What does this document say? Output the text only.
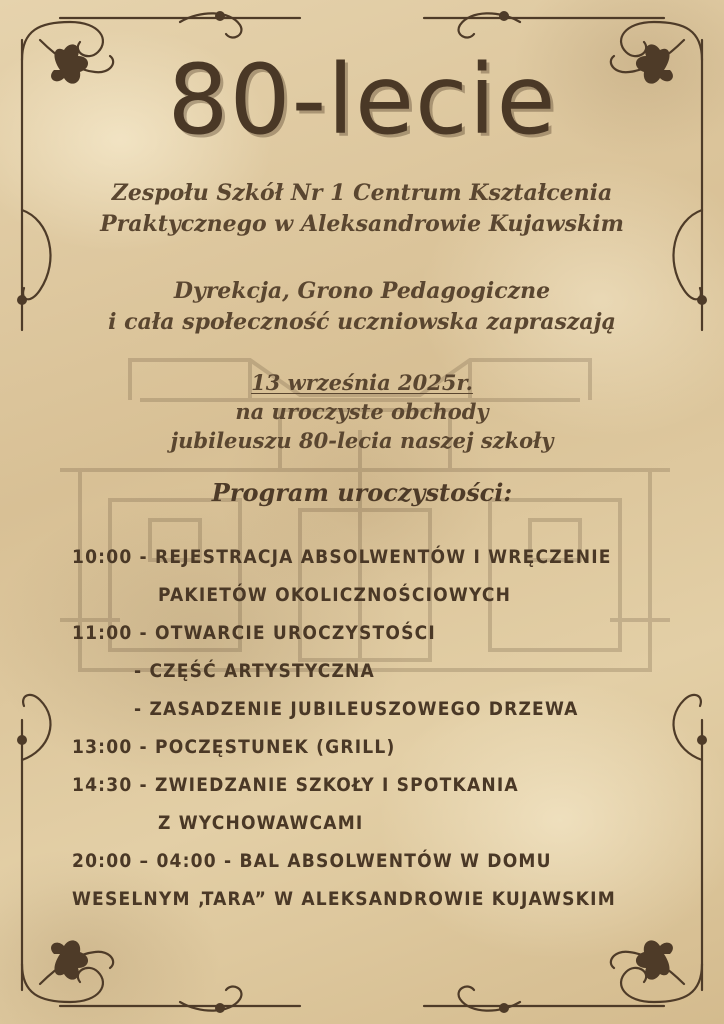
80-lecie
Zespołu Szkół Nr 1 Centrum Kształcenia
Praktycznego w Aleksandrowie Kujawskim
Dyrekcja, Grono Pedagogiczne
i cała społeczność uczniowska zapraszają
13 września 2025r.
na uroczyste obchody
jubileuszu 80-lecia naszej szkoły
Program uroczystości:
10:00 - REJESTRACJA ABSOLWENTÓW I WRĘCZENIE
PAKIETÓW OKOLICZNOŚCIOWYCH
11:00 - OTWARCIE UROCZYSTOŚCI
- CZĘŚĆ ARTYSTYCZNA
- ZASADZENIE JUBILEUSZOWEGO DRZEWA
13:00 - POCZĘSTUNEK (GRILL)
14:30 - ZWIEDZANIE SZKOŁY I SPOTKANIA
Z WYCHOWAWCAMI
20:00 – 04:00 - BAL ABSOLWENTÓW W DOMU
WESELNYM ‚TARA” W ALEKSANDROWIE KUJAWSKIM
